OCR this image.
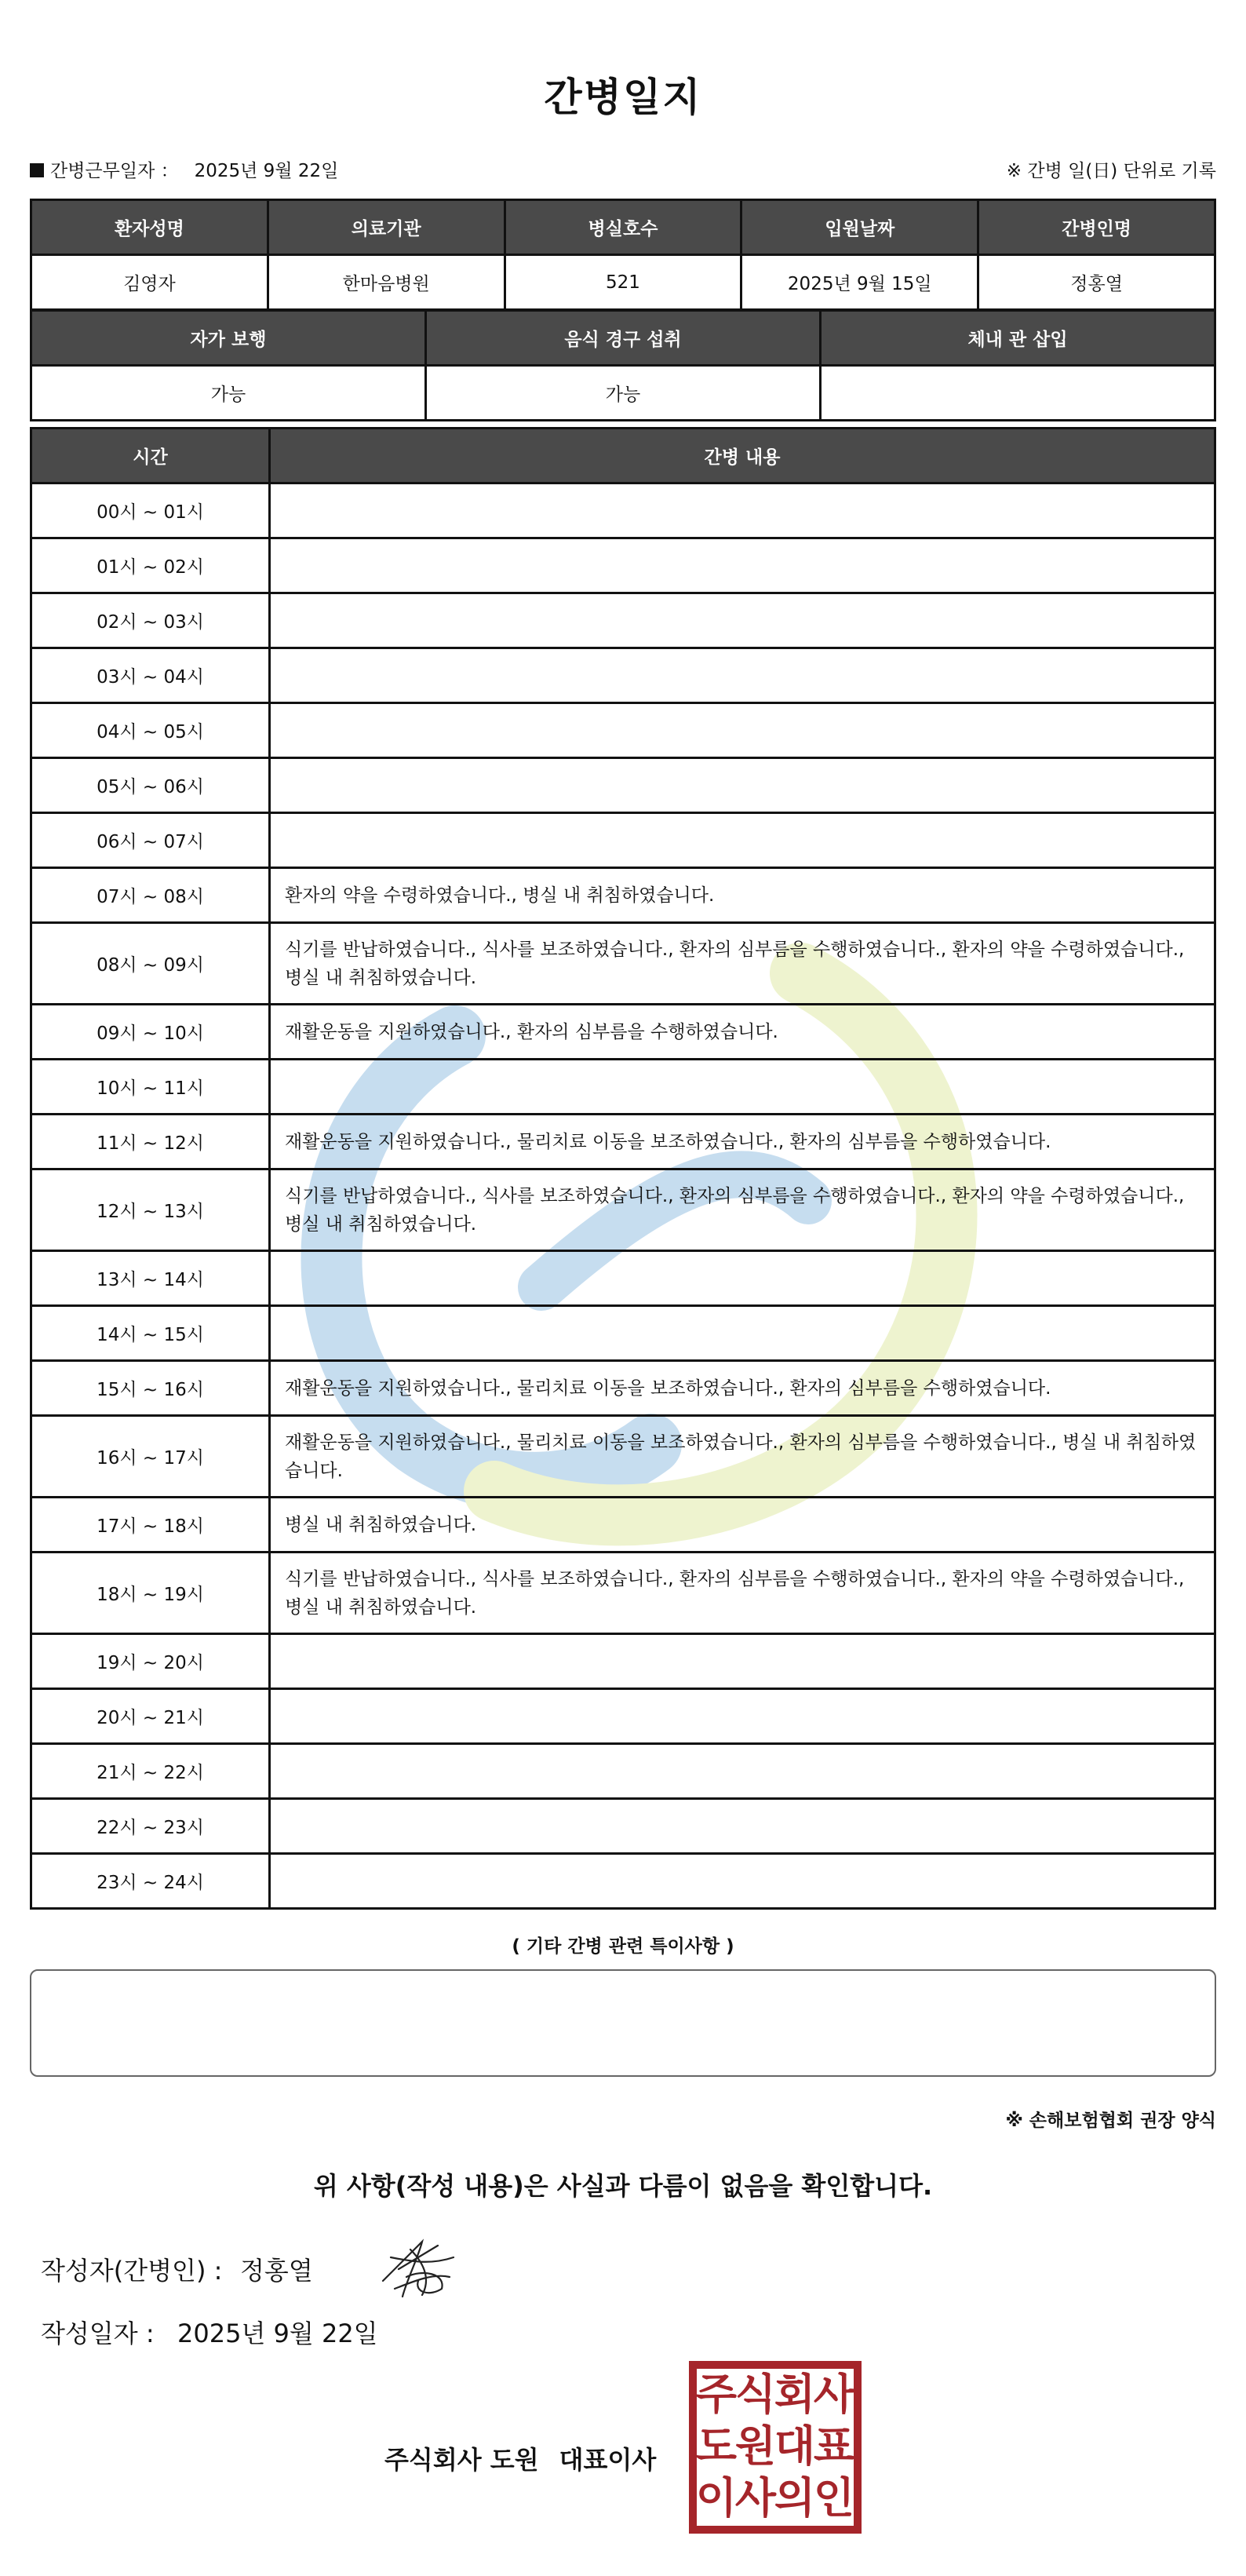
간병일지
간병근무일자 ： 2025년 9월 22일	※ 간병 일(日) 단위로 기록
환자성명	의료기관	병실호수	입원날짜	간병인명
김영자	한마음병원	521	2025년 9월 15일	정홍열
자가 보행	음식 경구 섭취	체내 관 삽입
가능	가능	
시간	간병 내용
00시 ~ 01시	
01시 ~ 02시	
02시 ~ 03시	
03시 ~ 04시	
04시 ~ 05시	
05시 ~ 06시	
06시 ~ 07시	
07시 ~ 08시	환자의 약을 수령하였습니다., 병실 내 취침하였습니다.
08시 ~ 09시	식기를 반납하였습니다., 식사를 보조하였습니다., 환자의 심부름을 수행하였습니다., 환자의 약을 수령하였습니다., 병실 내 취침하였습니다.
09시 ~ 10시	재활운동을 지원하였습니다., 환자의 심부름을 수행하였습니다.
10시 ~ 11시	
11시 ~ 12시	재활운동을 지원하였습니다., 물리치료 이동을 보조하였습니다., 환자의 심부름을 수행하였습니다.
12시 ~ 13시	식기를 반납하였습니다., 식사를 보조하였습니다., 환자의 심부름을 수행하였습니다., 환자의 약을 수령하였습니다., 병실 내 취침하였습니다.
13시 ~ 14시	
14시 ~ 15시	
15시 ~ 16시	재활운동을 지원하였습니다., 물리치료 이동을 보조하였습니다., 환자의 심부름을 수행하였습니다.
16시 ~ 17시	재활운동을 지원하였습니다., 물리치료 이동을 보조하였습니다., 환자의 심부름을 수행하였습니다., 병실 내 취침하였습니다.
17시 ~ 18시	병실 내 취침하였습니다.
18시 ~ 19시	식기를 반납하였습니다., 식사를 보조하였습니다., 환자의 심부름을 수행하였습니다., 환자의 약을 수령하였습니다., 병실 내 취침하였습니다.
19시 ~ 20시	
20시 ~ 21시	
21시 ~ 22시	
22시 ~ 23시	
23시 ~ 24시	
( 기타 간병 관련 특이사항 )
※ 손해보험협회 권장 양식
위 사항(작성 내용)은 사실과 다름이 없음을 확인합니다.
작성자(간병인) : 정홍열
작성일자 : 2025년 9월 22일
주식회사 도원 대표이사
주
식
회
사
도
원
대
표
이
사
의
인
